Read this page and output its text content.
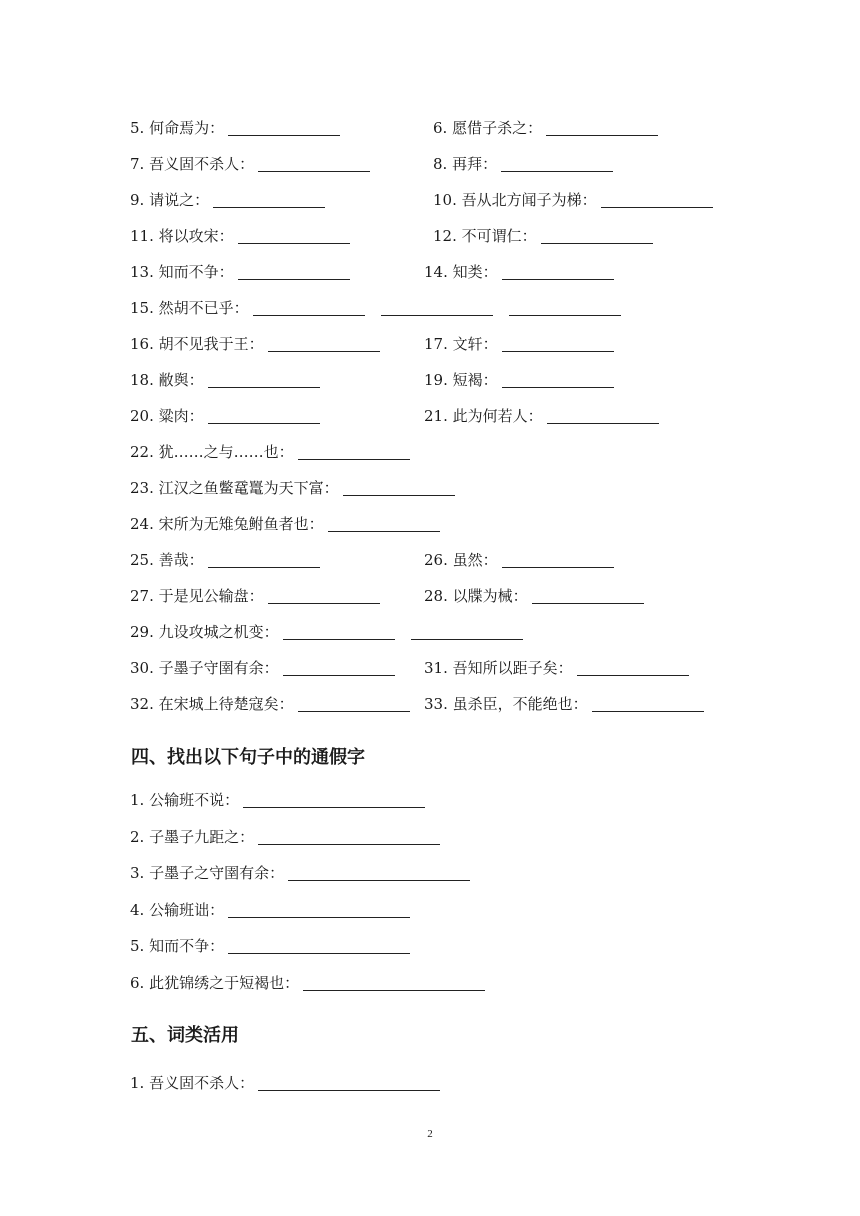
5. 何命焉为：	6. 愿借子杀之：
7. 吾义固不杀人：	8. 再拜：
9. 请说之：	10. 吾从北方闻子为梯：
11. 将以攻宋：	12. 不可谓仁：
13. 知而不争：	14. 知类：
15. 然胡不已乎：
16. 胡不见我于王：	17. 文轩：
18. 敝舆：	19. 短褐：
20. 粱肉：	21. 此为何若人：
22. 犹……之与……也：
23. 江汉之鱼鳖鼋鼍为天下富：
24. 宋所为无雉兔鲋鱼者也：
25. 善哉：	26. 虽然：
27. 于是见公输盘：	28. 以牒为械：
29. 九设攻城之机变：
30. 子墨子守圉有余：	31. 吾知所以距子矣：
32. 在宋城上待楚寇矣：	33. 虽杀臣，不能绝也：
四、找出以下句子中的通假字
1. 公输班不说：
2. 子墨子九距之：
3. 子墨子之守圉有余：
4. 公输班诎：
5. 知而不争：
6. 此犹锦绣之于短褐也：
五、词类活用
1. 吾义固不杀人：
2
